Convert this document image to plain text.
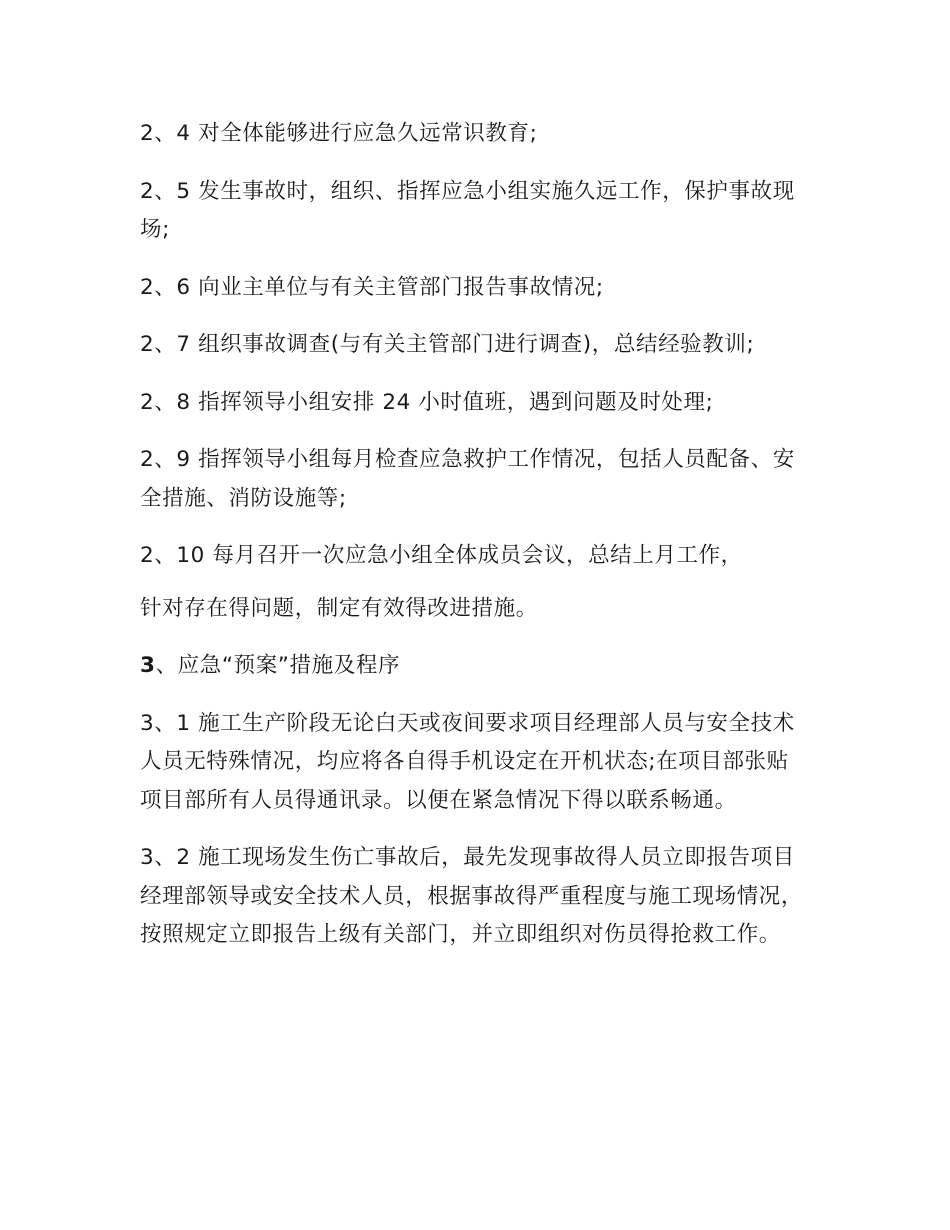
2、4 对全体能够进行应急久远常识教育;

2、5 发生事故时，组织、指挥应急小组实施久远工作，保护事故现场;

2、6 向业主单位与有关主管部门报告事故情况;

2、7 组织事故调查(与有关主管部门进行调查)，总结经验教训;

2、8 指挥领导小组安排 24 小时值班，遇到问题及时处理;

2、9 指挥领导小组每月检查应急救护工作情况，包括人员配备、安全措施、消防设施等;

2、10 每月召开一次应急小组全体成员会议，总结上月工作，

针对存在得问题，制定有效得改进措施。

3、应急“预案”措施及程序

3、1 施工生产阶段无论白天或夜间要求项目经理部人员与安全技术人员无特殊情况，均应将各自得手机设定在开机状态;在项目部张贴项目部所有人员得通讯录。以便在紧急情况下得以联系畅通。

3、2 施工现场发生伤亡事故后，最先发现事故得人员立即报告项目经理部领导或安全技术人员，根据事故得严重程度与施工现场情况，按照规定立即报告上级有关部门，并立即组织对伤员得抢救工作。
